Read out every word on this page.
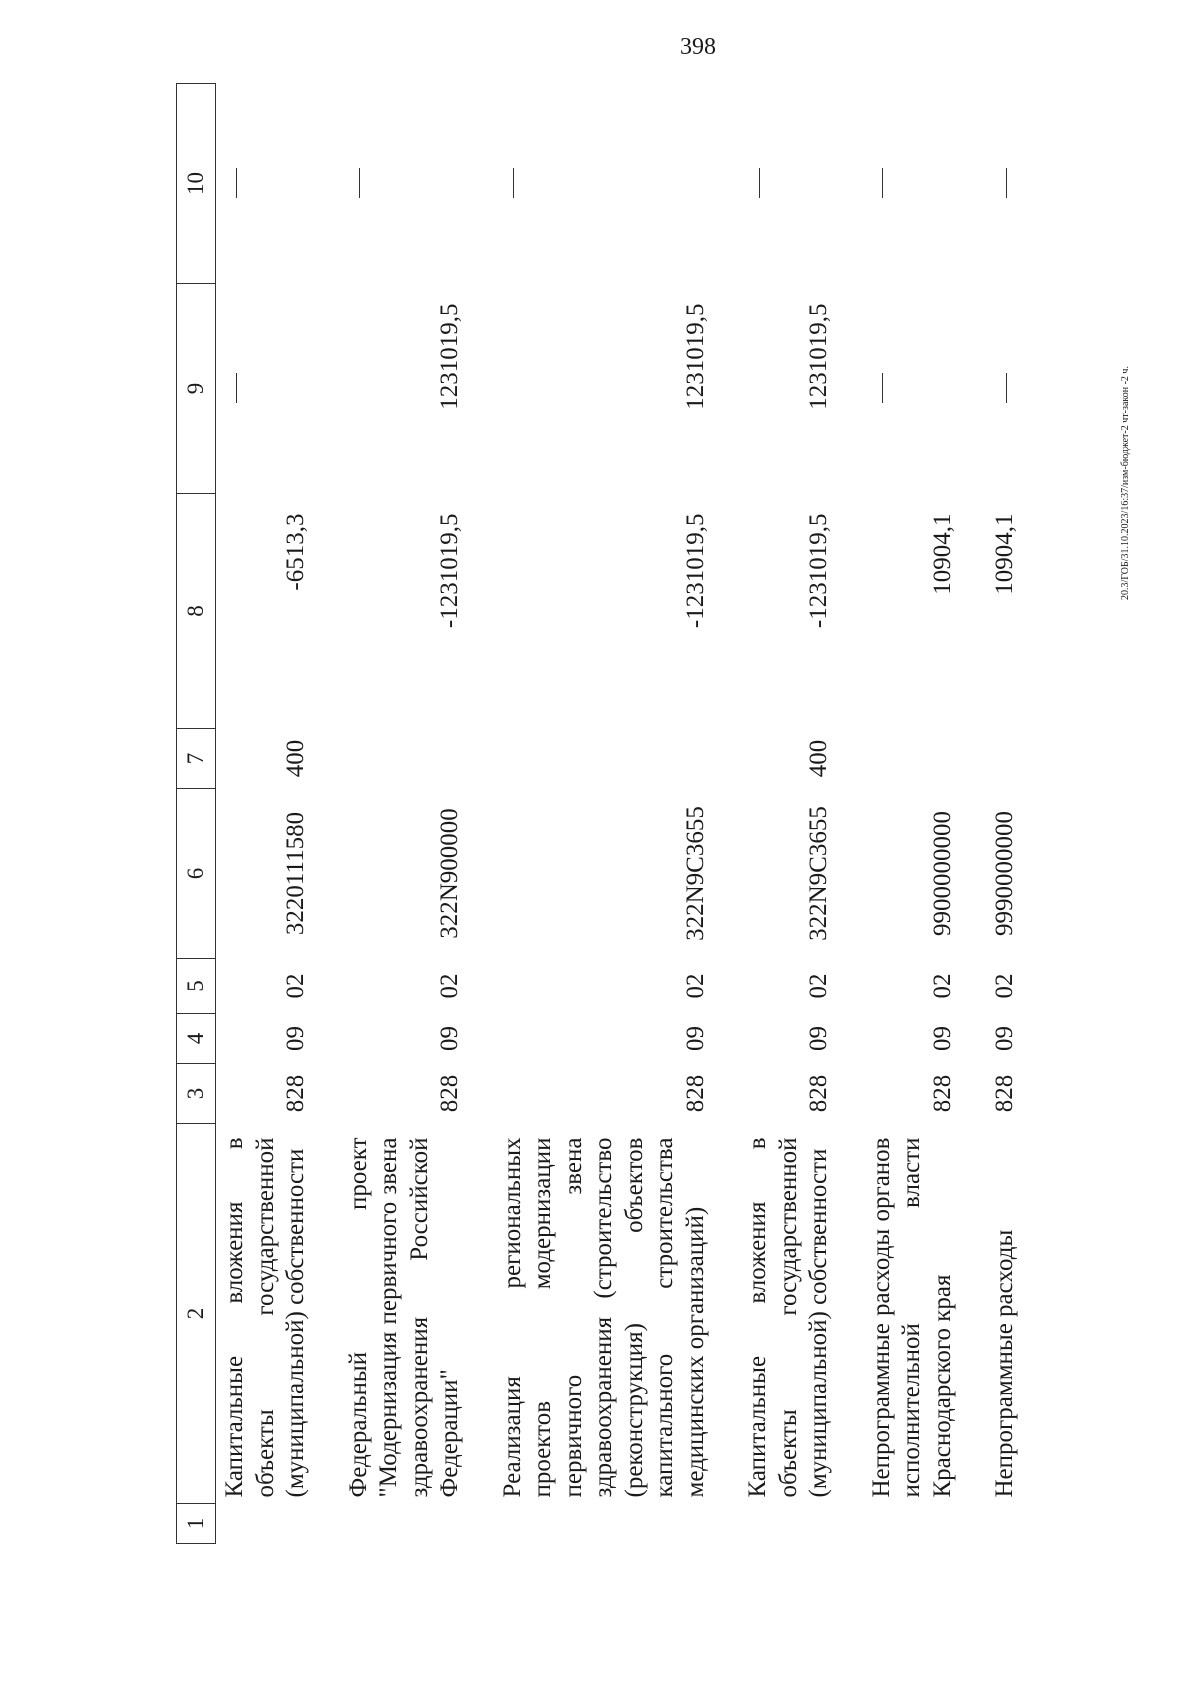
398
20.3/ГОБ/31.10.2023/16:37/изм-бюджет-2 чт-закон -2 ч.
1	2	3	4	5	6	7	8	9	10
	Капитальные вложения в объекты государственной (муниципальной) собственности	828	09	02	3220111580	400	-6513,3		
	Федеральный проект "Модернизация первичного звена здравоохранения Российской Федерации"	828	09	02	322N900000		-1231019,5	1231019,5	
	Реализация региональных проектов модернизации первичного звена здравоохранения (строительство (реконструкция) объектов капитального строительства медицинских организаций)	828	09	02	322N9C3655		-1231019,5	1231019,5	
	Капитальные вложения в объекты государственной (муниципальной) собственности	828	09	02	322N9C3655	400	-1231019,5	1231019,5	
	Непрограммные расходы органов исполнительной власти Краснодарского края	828	09	02	9900000000		10904,1		
	Непрограммные расходы	828	09	02	9990000000		10904,1		
